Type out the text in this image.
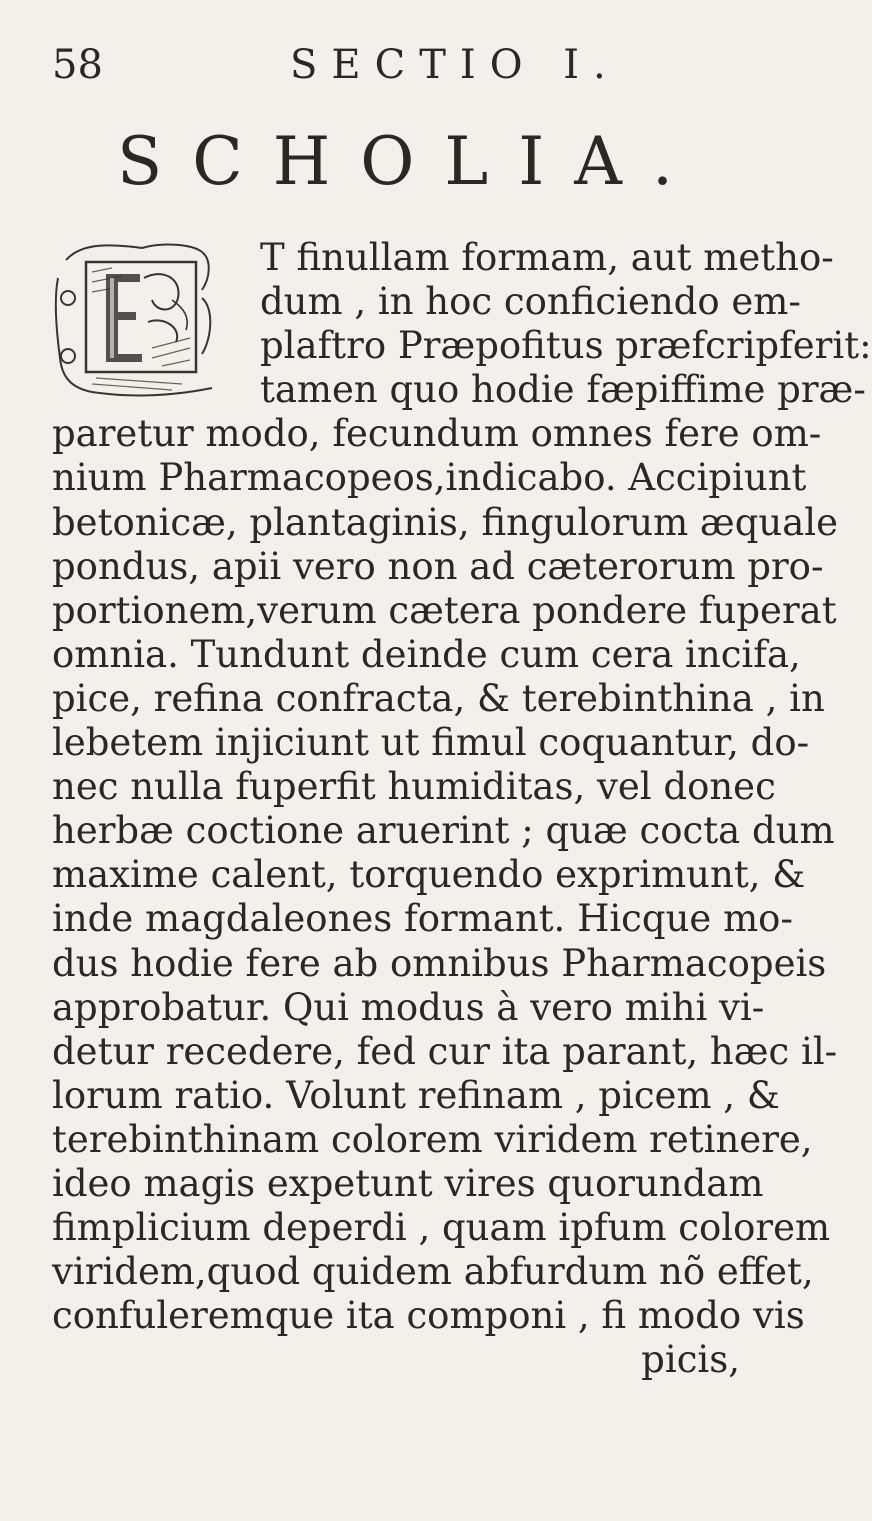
58	SECTIO I.
SCHOLIA.
T finullam formam, aut metho-
dum , in hoc conficiendo em-
plaftro Præpofitus præfcripferit:
tamen quo hodie fæpiffime præ-
paretur modo, fecundum omnes fere om-
nium Pharmacopeos,indicabo. Accipiunt
betonicæ, plantaginis, fingulorum æquale
pondus, apii vero non ad cæterorum pro-
portionem,verum cætera pondere fuperat
omnia. Tundunt deinde cum cera incifa,
pice, refina confracta, & terebinthina , in
lebetem injiciunt ut fimul coquantur, do-
nec nulla fuperfit humiditas, vel donec
herbæ coctione aruerint ; quæ cocta dum
maxime calent, torquendo exprimunt, &
inde magdaleones formant. Hicque mo-
dus hodie fere ab omnibus Pharmacopeis
approbatur. Qui modus à vero mihi vi-
detur recedere, fed cur ita parant, hæc il-
lorum ratio. Volunt refinam , picem , &
terebinthinam colorem viridem retinere,
ideo magis expetunt vires quorundam
fimplicium deperdi , quam ipfum colorem
viridem,quod quidem abfurdum nõ effet,
confuleremque ita componi , fi modo vis
picis,
